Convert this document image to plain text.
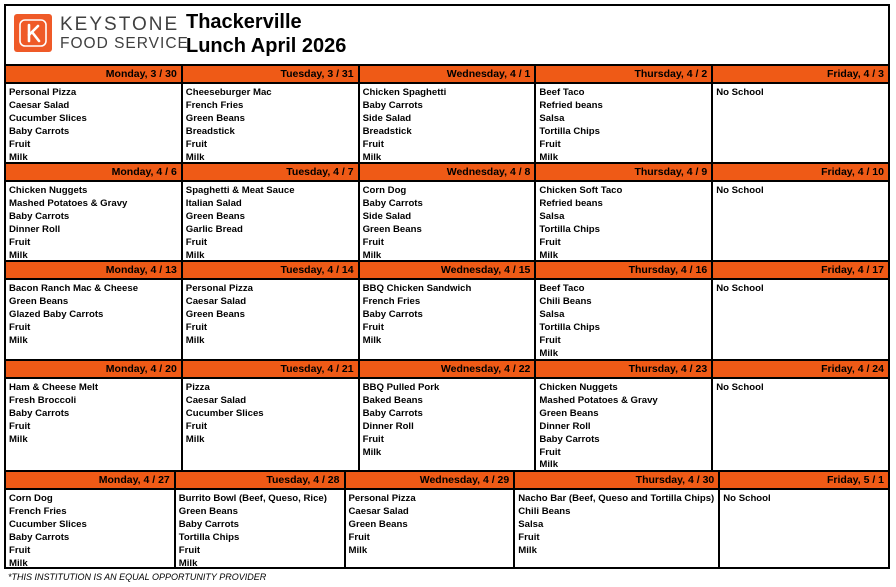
KEYSTONE
FOOD SERVICE
Thackerville
Lunch April 2026
Monday, 3 / 30
Personal Pizza
Caesar Salad
Cucumber Slices
Baby Carrots
Fruit
Milk
Tuesday, 3 / 31
Cheeseburger Mac
French Fries
Green Beans
Breadstick
Fruit
Milk
Wednesday, 4 / 1
Chicken Spaghetti
Baby Carrots
Side Salad
Breadstick
Fruit
Milk
Thursday, 4 / 2
Beef Taco
Refried beans
Salsa
Tortilla Chips
Fruit
Milk
Friday, 4 / 3
No School
Monday, 4 / 6
Chicken Nuggets
Mashed Potatoes & Gravy
Baby Carrots
Dinner Roll
Fruit
Milk
Tuesday, 4 / 7
Spaghetti & Meat Sauce
Italian Salad
Green Beans
Garlic Bread
Fruit
Milk
Wednesday, 4 / 8
Corn Dog
Baby Carrots
Side Salad
Green Beans
Fruit
Milk
Thursday, 4 / 9
Chicken Soft Taco
Refried beans
Salsa
Tortilla Chips
Fruit
Milk
Friday, 4 / 10
No School
Monday, 4 / 13
Bacon Ranch Mac & Cheese
Green Beans
Glazed Baby Carrots
Fruit
Milk
Tuesday, 4 / 14
Personal Pizza
Caesar Salad
Green Beans
Fruit
Milk
Wednesday, 4 / 15
BBQ Chicken Sandwich
French Fries
Baby Carrots
Fruit
Milk
Thursday, 4 / 16
Beef Taco
Chili Beans
Salsa
Tortilla Chips
Fruit
Milk
Friday, 4 / 17
No School
Monday, 4 / 20
Ham & Cheese Melt
Fresh Broccoli
Baby Carrots
Fruit
Milk
Tuesday, 4 / 21
Pizza
Caesar Salad
Cucumber Slices
Fruit
Milk
Wednesday, 4 / 22
BBQ Pulled Pork
Baked Beans
Baby Carrots
Dinner Roll
Fruit
Milk
Thursday, 4 / 23
Chicken Nuggets
Mashed Potatoes & Gravy
Green Beans
Dinner Roll
Baby Carrots
Fruit
Milk
Friday, 4 / 24
No School
Monday, 4 / 27
Corn Dog
French Fries
Cucumber Slices
Baby Carrots
Fruit
Milk
Tuesday, 4 / 28
Burrito Bowl (Beef, Queso, Rice)
Green Beans
Baby Carrots
Tortilla Chips
Fruit
Milk
Wednesday, 4 / 29
Personal Pizza
Caesar Salad
Green Beans
Fruit
Milk
Thursday, 4 / 30
Nacho Bar (Beef, Queso and Tortilla Chips)
Chili Beans
Salsa
Fruit
Milk
Friday, 5 / 1
No School
*THIS INSTITUTION IS AN EQUAL OPPORTUNITY PROVIDER
